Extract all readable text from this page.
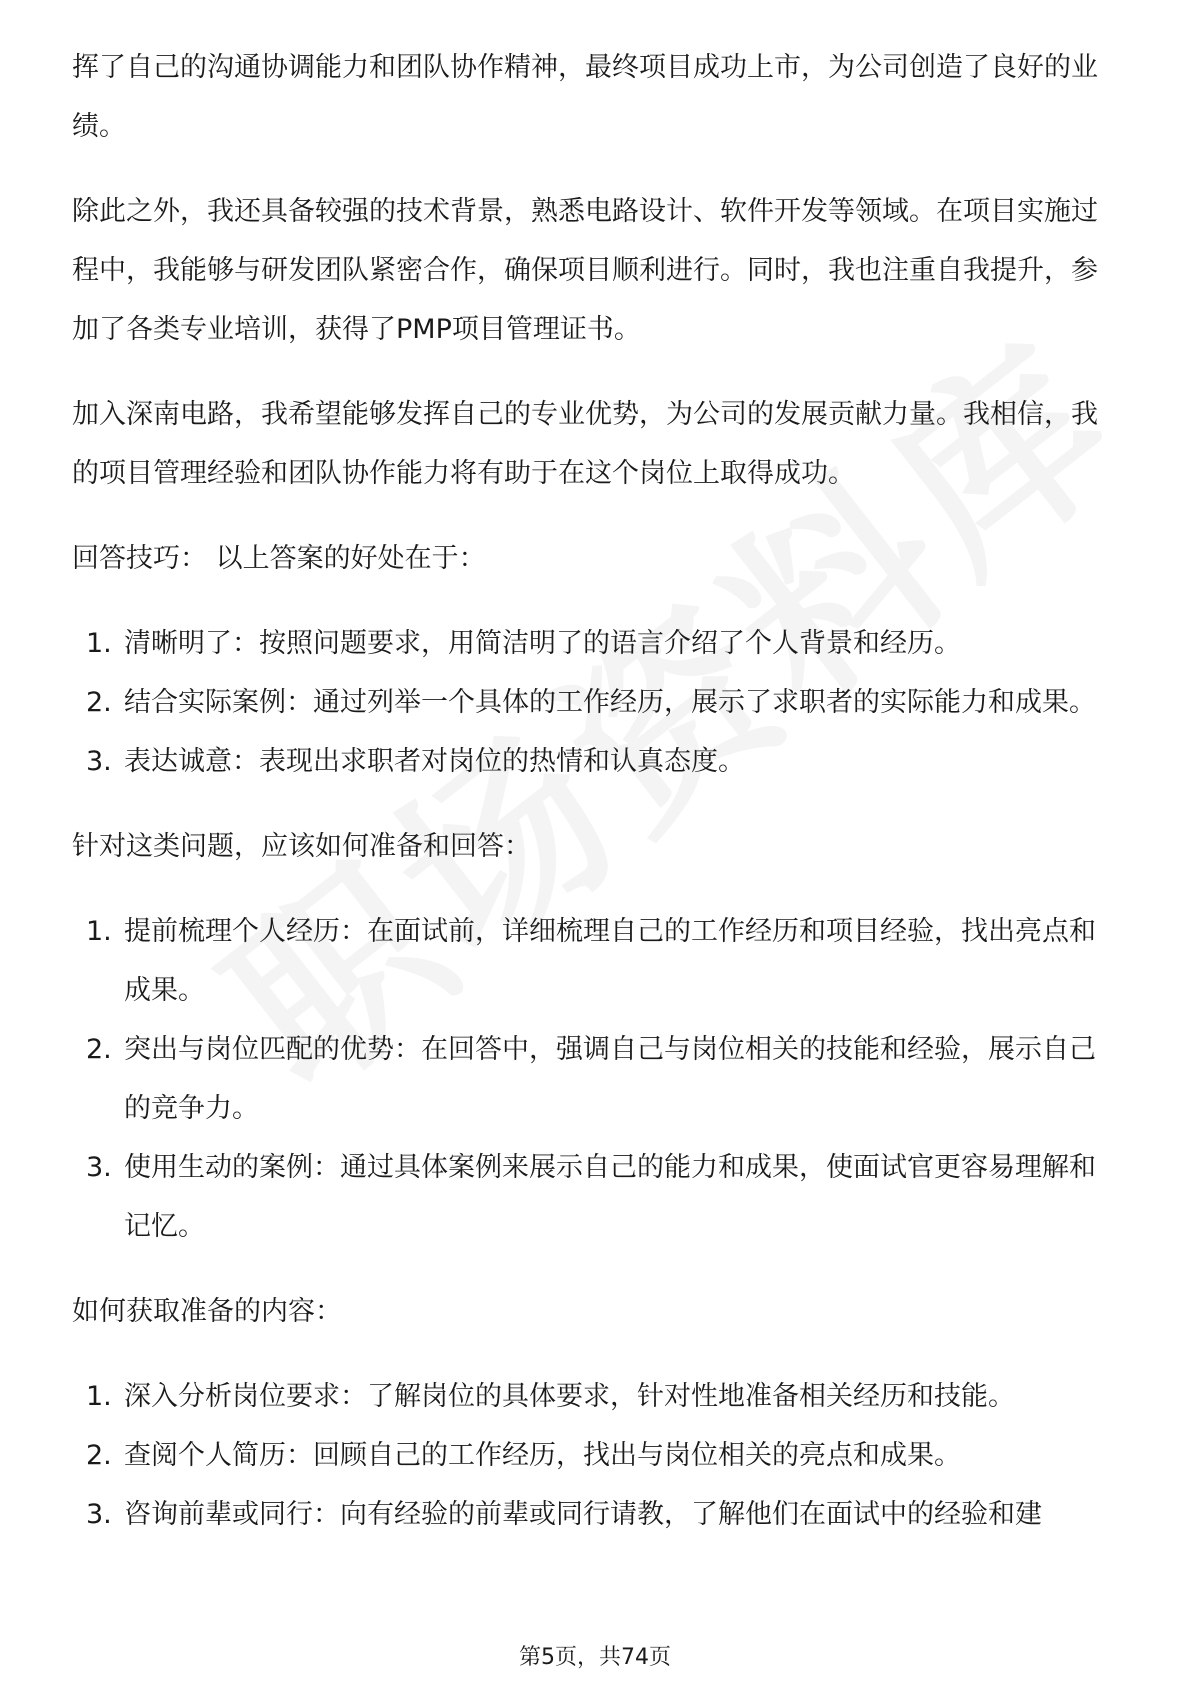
挥了自己的沟通协调能力和团队协作精神，最终项目成功上市，为公司创造了良好的业绩。

除此之外，我还具备较强的技术背景，熟悉电路设计、软件开发等领域。在项目实施过程中，我能够与研发团队紧密合作，确保项目顺利进行。同时，我也注重自我提升，参加了各类专业培训，获得了PMP项目管理证书。

加入深南电路，我希望能够发挥自己的专业优势，为公司的发展贡献力量。我相信，我的项目管理经验和团队协作能力将有助于在这个岗位上取得成功。

回答技巧： 以上答案的好处在于：

1. 清晰明了：按照问题要求，用简洁明了的语言介绍了个人背景和经历。
2. 结合实际案例：通过列举一个具体的工作经历，展示了求职者的实际能力和成果。
3. 表达诚意：表现出求职者对岗位的热情和认真态度。

针对这类问题，应该如何准备和回答：

1. 提前梳理个人经历：在面试前，详细梳理自己的工作经历和项目经验，找出亮点和成果。
2. 突出与岗位匹配的优势：在回答中，强调自己与岗位相关的技能和经验，展示自己的竞争力。
3. 使用生动的案例：通过具体案例来展示自己的能力和成果，使面试官更容易理解和记忆。

如何获取准备的内容：

1. 深入分析岗位要求：了解岗位的具体要求，针对性地准备相关经历和技能。
2. 查阅个人简历：回顾自己的工作经历，找出与岗位相关的亮点和成果。
3. 咨询前辈或同行：向有经验的前辈或同行请教，了解他们在面试中的经验和建
第5页，共74页
